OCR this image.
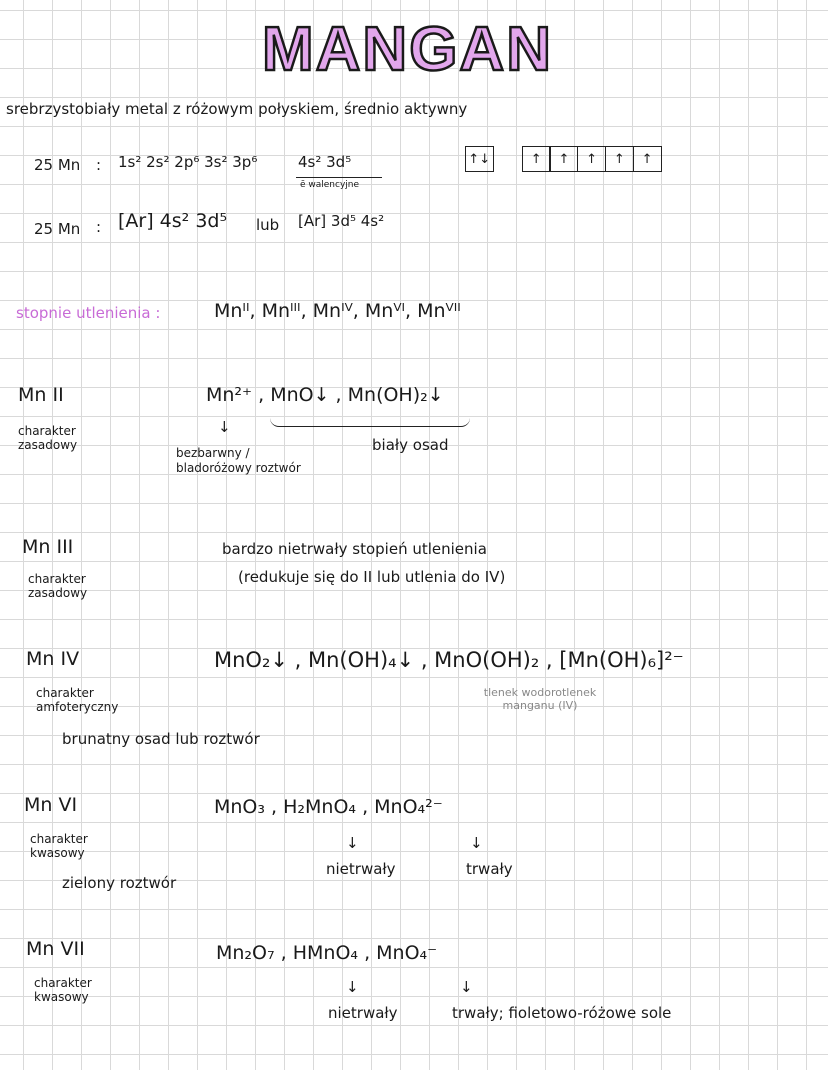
MANGAN
srebrzystobiały metal z różowym połyskiem, średnio aktywny
25 Mn : 1s² 2s² 2p⁶ 3s² 3p⁶	4s² 3d⁵
ē walencyjne
↑↓	↑	↑	↑	↑	↑
25 Mn : [Ar] 4s² 3d⁵ lub [Ar] 3d⁵ 4s²
stopnie utlenienia :	Mnᴵᴵ, Mnᴵᴵᴵ, Mnᴵⱽ, Mnⱽᴵ, Mnⱽᴵᴵ
Mn II
charakter zasadowy
Mn²⁺ , MnO↓ , Mn(OH)₂↓
↓
bezbarwny / bladoróżowy roztwór
biały osad
Mn III
charakter zasadowy
bardzo nietrwały stopień utlenienia
(redukuje się do II lub utlenia do IV)
Mn IV
charakter amfoteryczny
MnO₂↓ , Mn(OH)₄↓ , MnO(OH)₂ , [Mn(OH)₆]²⁻
tlenek wodorotlenek manganu (IV)
brunatny osad lub roztwór
Mn VI
charakter kwasowy
MnO₃ , H₂MnO₄ , MnO₄²⁻
↓	↓
nietrwały	trwały
zielony roztwór
Mn VII
charakter kwasowy
Mn₂O₇ , HMnO₄ , MnO₄⁻
↓	↓
nietrwały	trwały; fioletowo-różowe sole
